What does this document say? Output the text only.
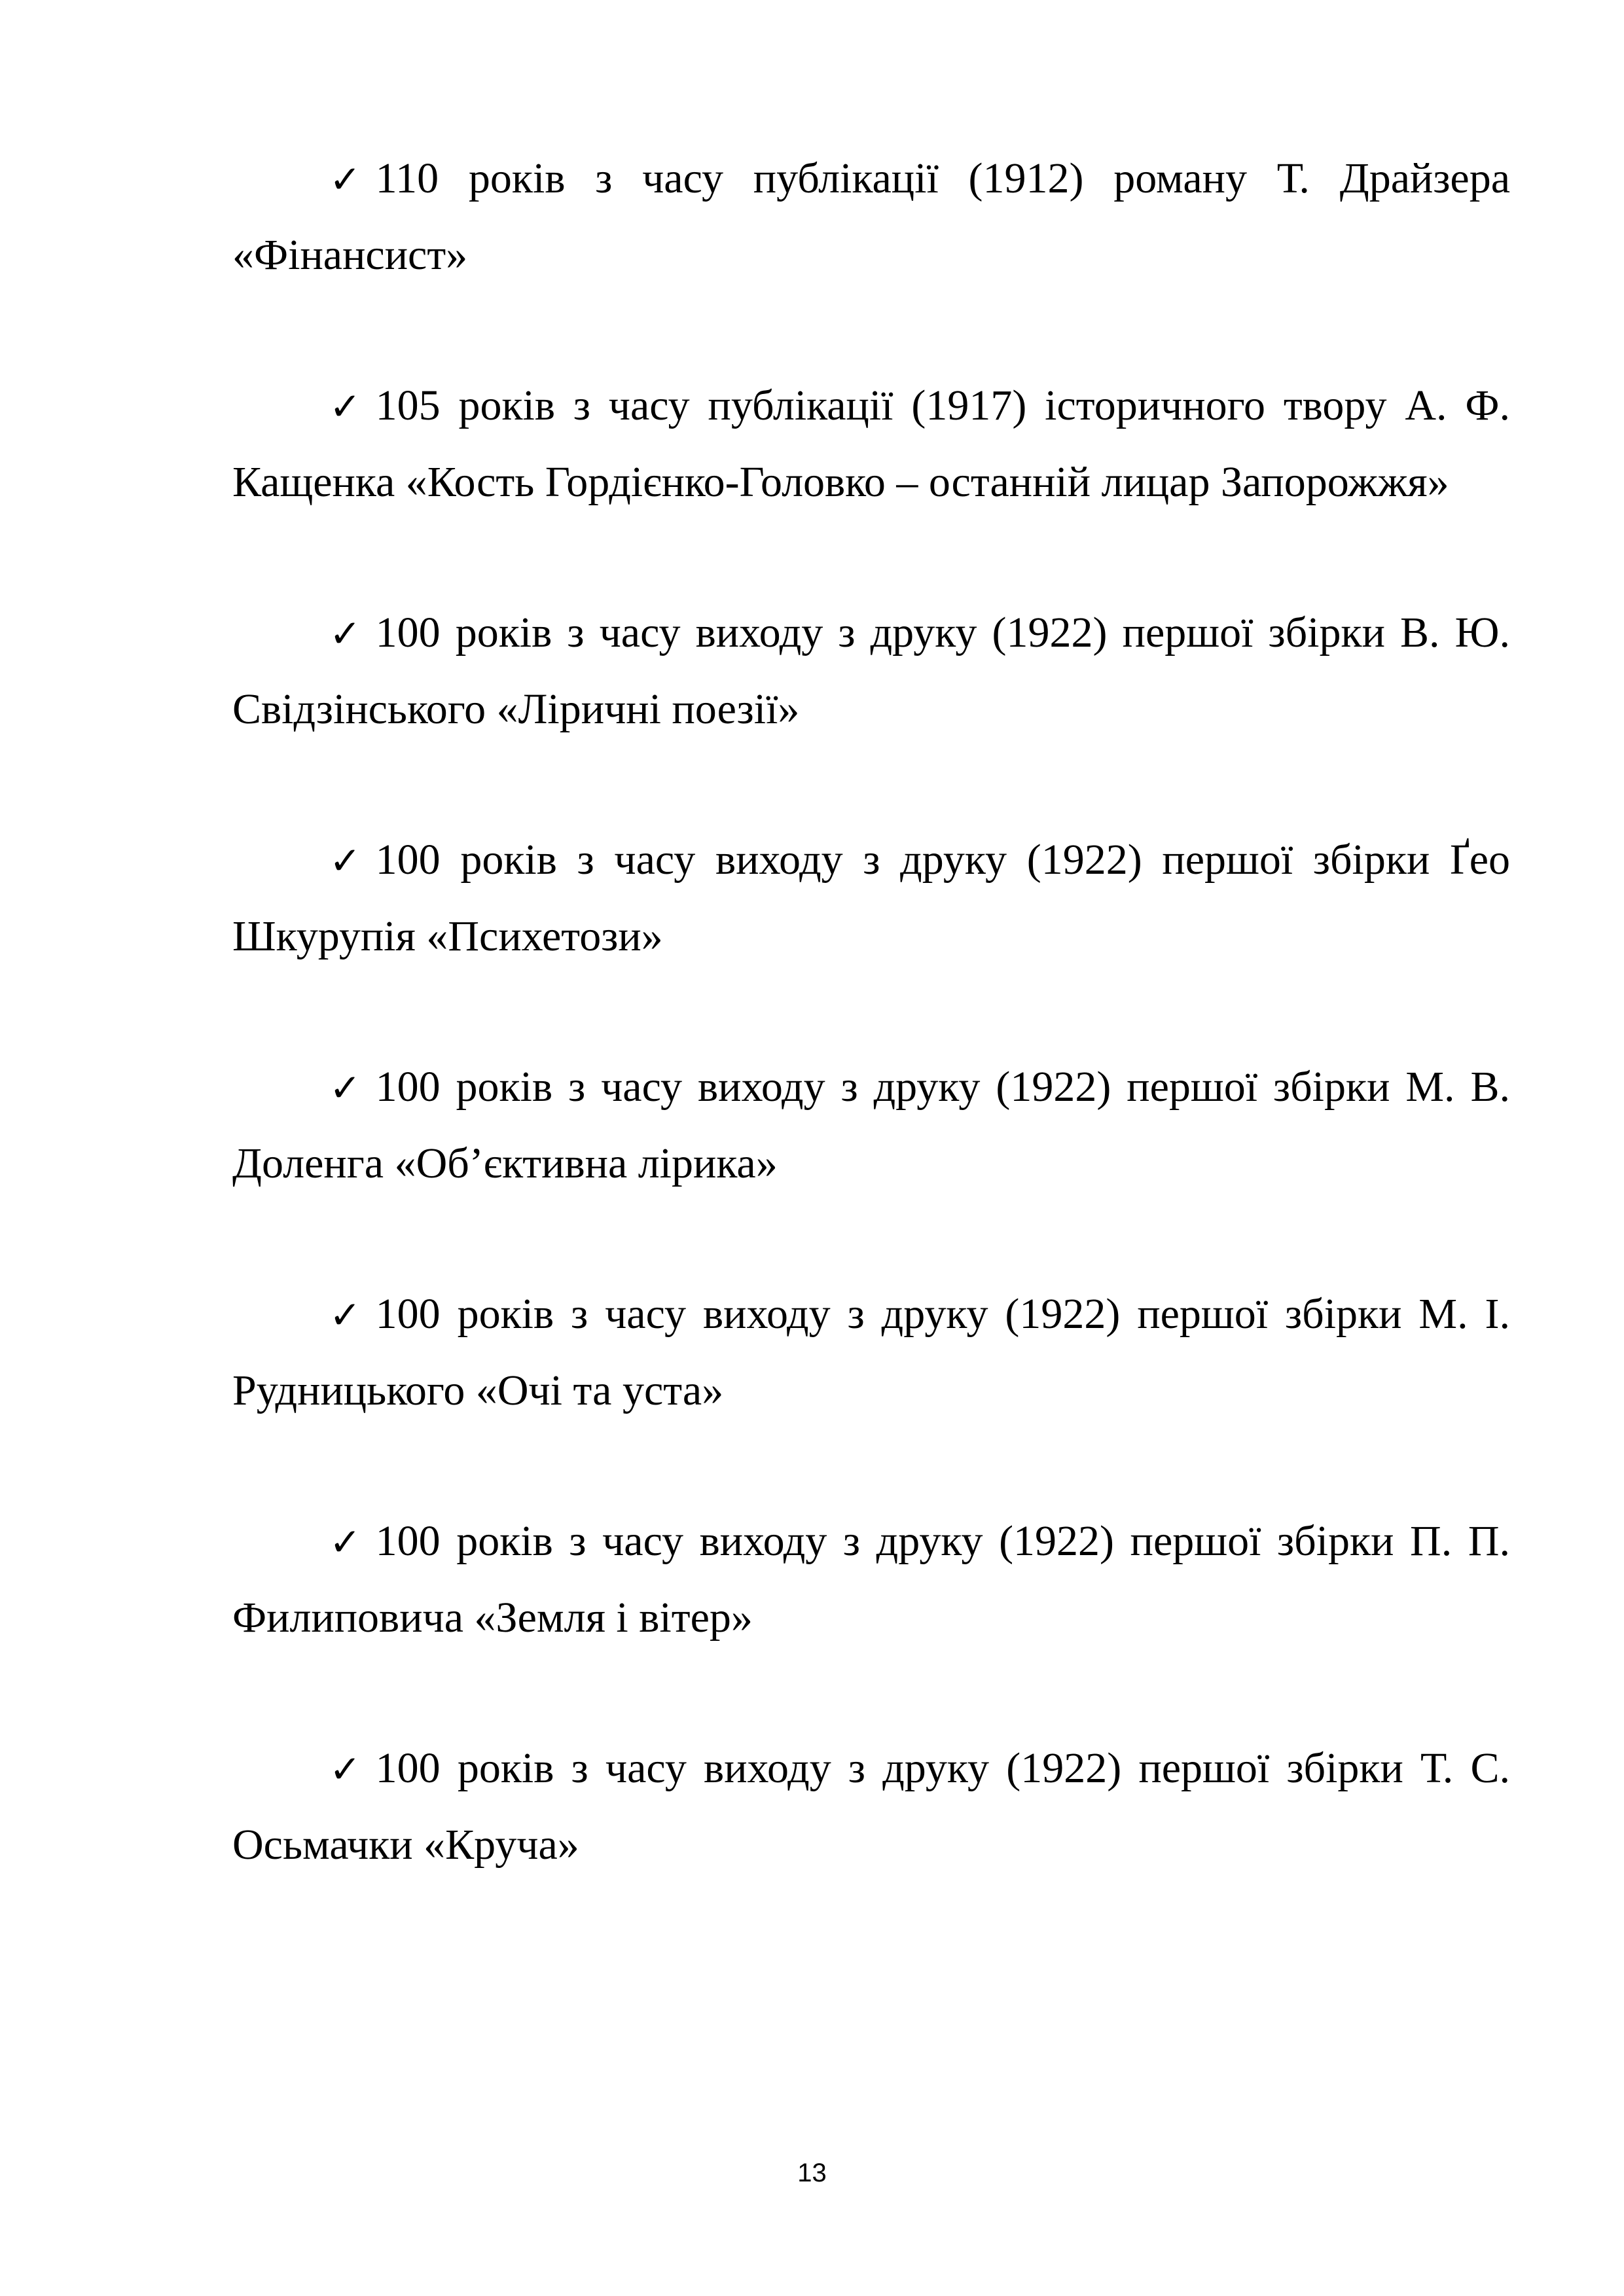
✓ 110 років з часу публікації (1912) роману Т. Драйзера «Фінансист»

✓ 105 років з часу публікації (1917) історичного твору А. Ф. Кащенка «Кость Гордієнко-Головко – останній лицар Запорожжя»

✓ 100 років з часу виходу з друку (1922) першої збірки В. Ю. Свідзінського «Ліричні поезії»

✓ 100 років з часу виходу з друку (1922) першої збірки Ґео Шкурупія «Психетози»

✓ 100 років з часу виходу з друку (1922) першої збірки М. В. Доленга «Об’єктивна лірика»

✓ 100 років з часу виходу з друку (1922) першої збірки М. І. Рудницького «Очі та уста»

✓ 100 років з часу виходу з друку (1922) першої збірки П. П. Филиповича «Земля і вітер»

✓ 100 років з часу виходу з друку (1922) першої збірки Т. С. Осьмачки «Круча»

13
